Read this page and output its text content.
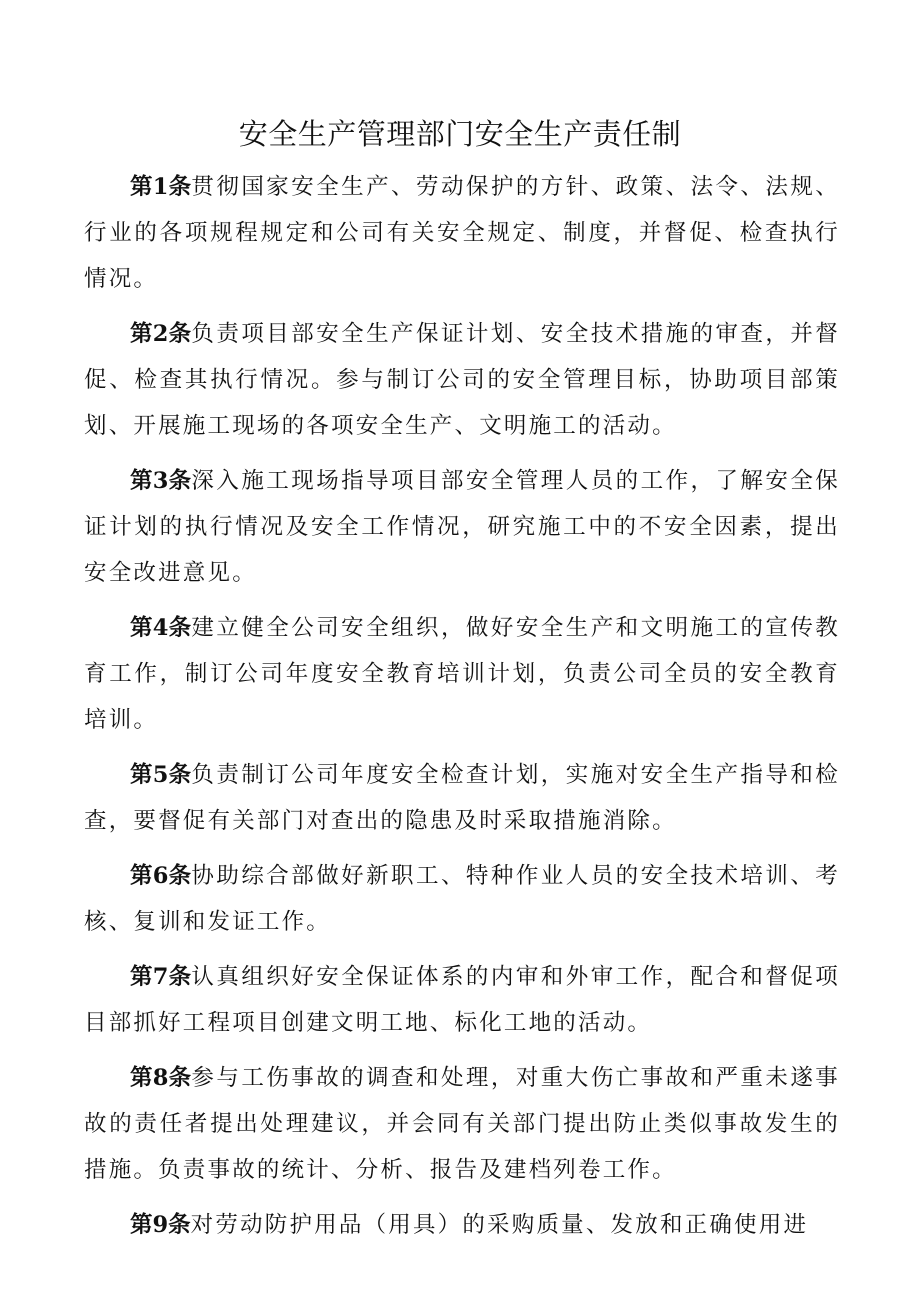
安全生产管理部门安全生产责任制

第1条贯彻国家安全生产、劳动保护的方针、政策、法令、法规、行业的各项规程规定和公司有关安全规定、制度，并督促、检查执行情况。

第2条负责项目部安全生产保证计划、安全技术措施的审查，并督促、检查其执行情况。参与制订公司的安全管理目标，协助项目部策划、开展施工现场的各项安全生产、文明施工的活动。

第3条深入施工现场指导项目部安全管理人员的工作，了解安全保证计划的执行情况及安全工作情况，研究施工中的不安全因素，提出安全改进意见。

第4条建立健全公司安全组织，做好安全生产和文明施工的宣传教育工作，制订公司年度安全教育培训计划，负责公司全员的安全教育培训。

第5条负责制订公司年度安全检查计划，实施对安全生产指导和检查，要督促有关部门对查出的隐患及时采取措施消除。

第6条协助综合部做好新职工、特种作业人员的安全技术培训、考核、复训和发证工作。

第7条认真组织好安全保证体系的内审和外审工作，配合和督促项目部抓好工程项目创建文明工地、标化工地的活动。

第8条参与工伤事故的调查和处理，对重大伤亡事故和严重未遂事故的责任者提出处理建议，并会同有关部门提出防止类似事故发生的措施。负责事故的统计、分析、报告及建档列卷工作。

第9条对劳动防护用品（用具）的采购质量、发放和正确使用进
